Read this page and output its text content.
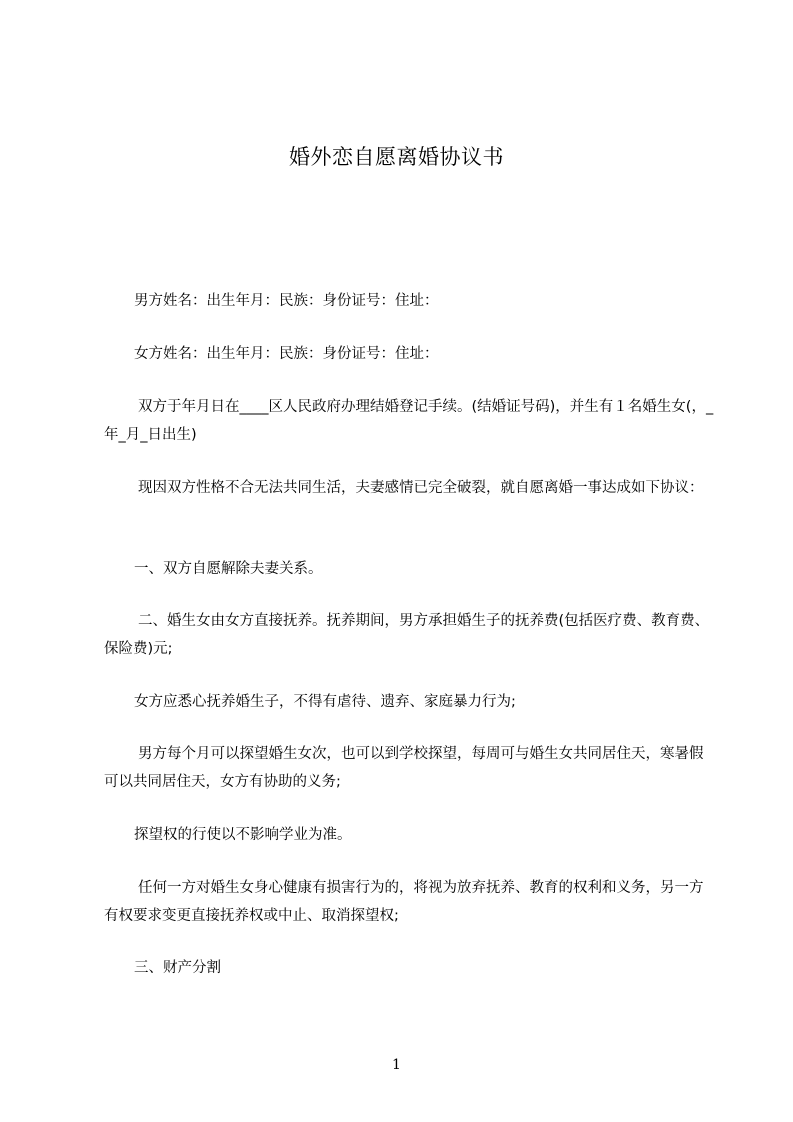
婚外恋自愿离婚协议书

男方姓名：出生年月：民族：身份证号：住址：

女方姓名：出生年月：民族：身份证号：住址：

双方于年月日在____区人民政府办理结婚登记手续。(结婚证号码)，并生有１名婚生女(，_年_月_日出生)

现因双方性格不合无法共同生活，夫妻感情已完全破裂，就自愿离婚一事达成如下协议：

一、双方自愿解除夫妻关系。

二、婚生女由女方直接抚养。抚养期间，男方承担婚生子的抚养费(包括医疗费、教育费、保险费)元;

女方应悉心抚养婚生子，不得有虐待、遗弃、家庭暴力行为;

男方每个月可以探望婚生女次，也可以到学校探望，每周可与婚生女共同居住天，寒暑假可以共同居住天，女方有协助的义务;

探望权的行使以不影响学业为准。

任何一方对婚生女身心健康有损害行为的，将视为放弃抚养、教育的权利和义务，另一方有权要求变更直接抚养权或中止、取消探望权;

三、财产分割

1
